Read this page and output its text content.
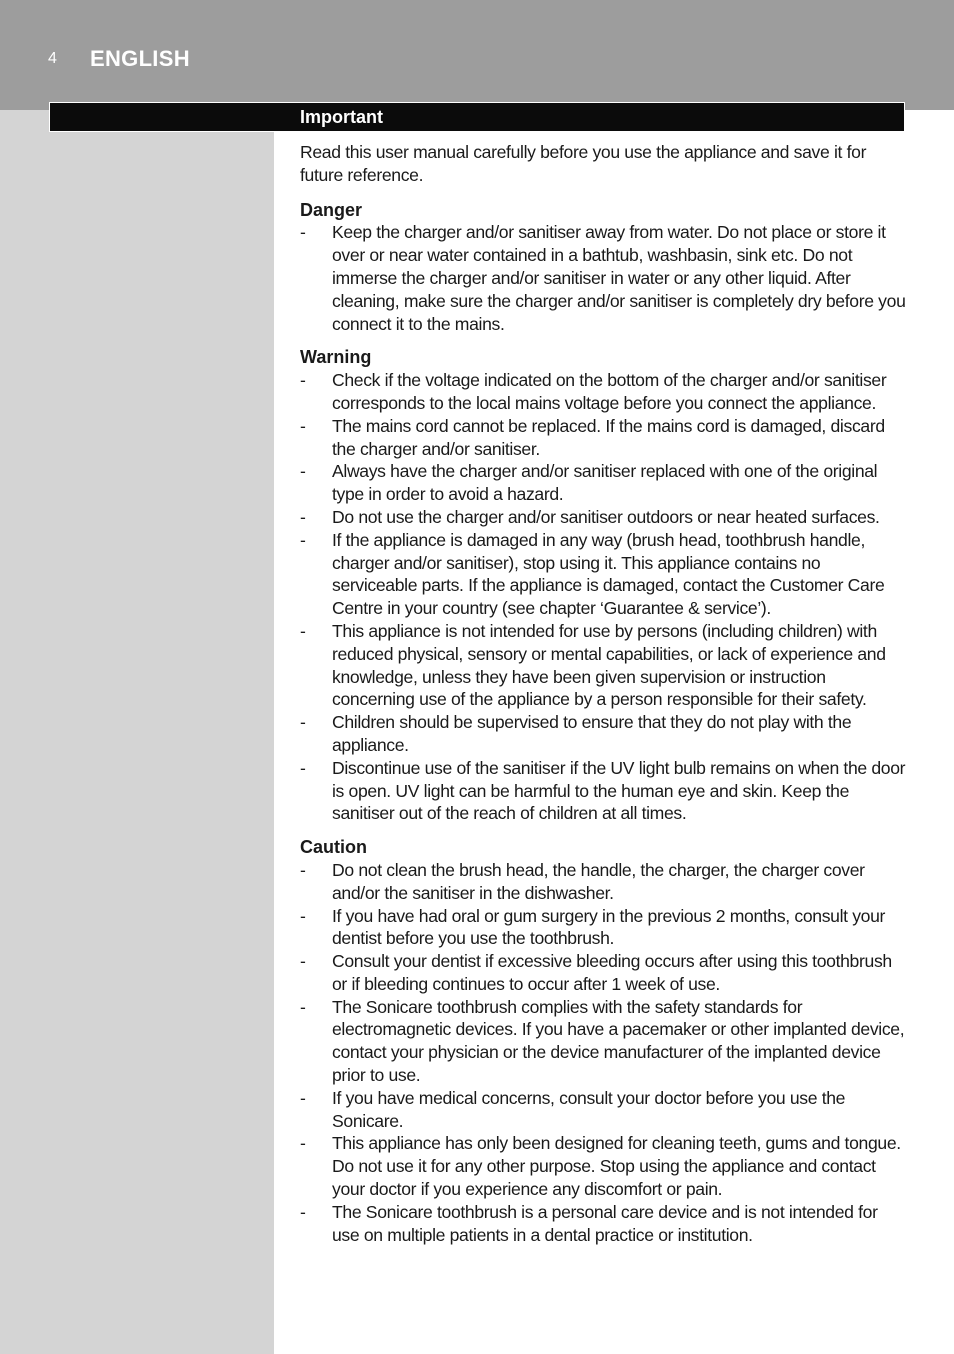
4 ENGLISH
Important

Read this user manual carefully before you use the appliance and save it for future reference.

Danger
- Keep the charger and/or sanitiser away from water. Do not place or store it over or near water contained in a bathtub, washbasin, sink etc. Do not immerse the charger and/or sanitiser in water or any other liquid. After cleaning, make sure the charger and/or sanitiser is completely dry before you connect it to the mains.
Warning
- Check if the voltage indicated on the bottom of the charger and/or sanitiser corresponds to the local mains voltage before you connect the appliance.
- The mains cord cannot be replaced. If the mains cord is damaged, discard the charger and/or sanitiser.
- Always have the charger and/or sanitiser replaced with one of the original type in order to avoid a hazard.
- Do not use the charger and/or sanitiser outdoors or near heated surfaces.
- If the appliance is damaged in any way (brush head, toothbrush handle, charger and/or sanitiser), stop using it. This appliance contains no serviceable parts. If the appliance is damaged, contact the Customer Care Centre in your country (see chapter ‘Guarantee & service’).
- This appliance is not intended for use by persons (including children) with reduced physical, sensory or mental capabilities, or lack of experience and knowledge, unless they have been given supervision or instruction concerning use of the appliance by a person responsible for their safety.
- Children should be supervised to ensure that they do not play with the appliance.
- Discontinue use of the sanitiser if the UV light bulb remains on when the door is open. UV light can be harmful to the human eye and skin. Keep the sanitiser out of the reach of children at all times.
Caution
- Do not clean the brush head, the handle, the charger, the charger cover and/or the sanitiser in the dishwasher.
- If you have had oral or gum surgery in the previous 2 months, consult your dentist before you use the toothbrush.
- Consult your dentist if excessive bleeding occurs after using this toothbrush or if bleeding continues to occur after 1 week of use.
- The Sonicare toothbrush complies with the safety standards for electromagnetic devices. If you have a pacemaker or other implanted device, contact your physician or the device manufacturer of the implanted device prior to use.
- If you have medical concerns, consult your doctor before you use the Sonicare.
- This appliance has only been designed for cleaning teeth, gums and tongue. Do not use it for any other purpose. Stop using the appliance and contact your doctor if you experience any discomfort or pain.
- The Sonicare toothbrush is a personal care device and is not intended for use on multiple patients in a dental practice or institution.
